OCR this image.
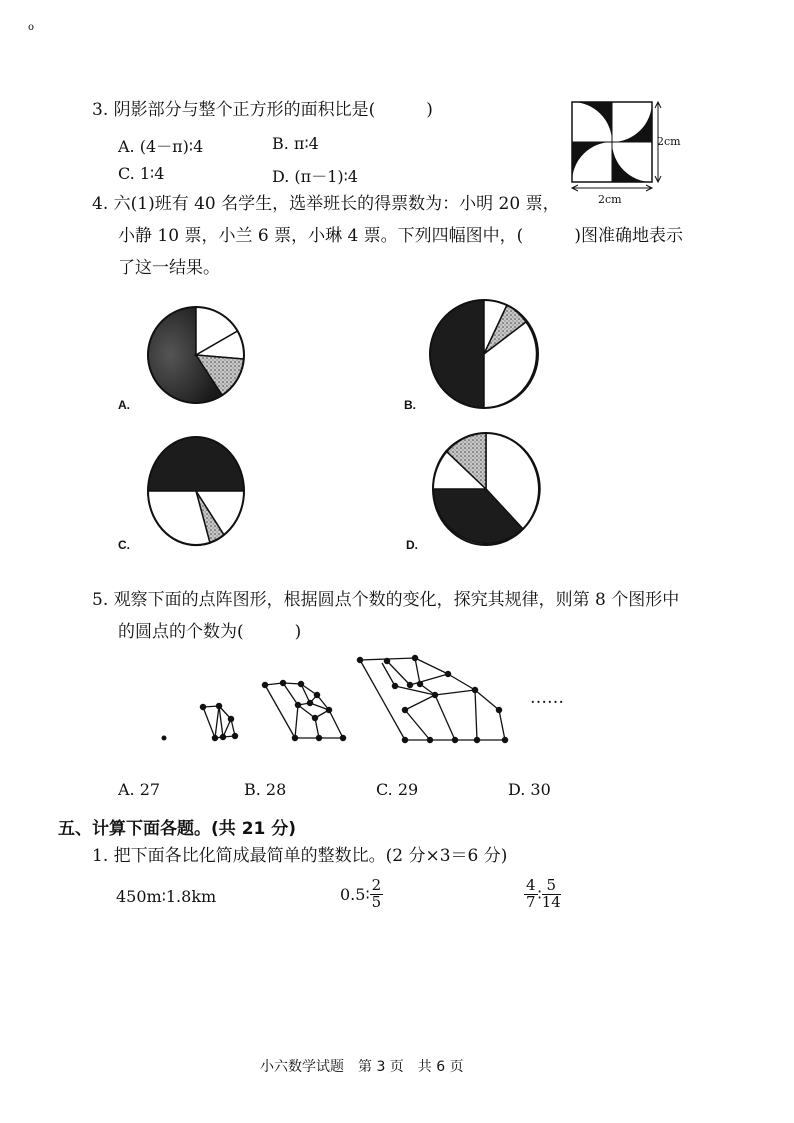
o
3. 阴影部分与整个正方形的面积比是(　　　)
A. (4－π)∶4	B. π∶4
C. 1∶4	D. (π－1)∶4
2cm
2cm
4. 六(1)班有 40 名学生，选举班长的得票数为：小明 20 票，
小静 10 票，小兰 6 票，小琳 4 票。下列四幅图中，(　　　)图准确地表示
了这一结果。
A.	B.
C.	D.
5. 观察下面的点阵图形，根据圆点个数的变化，探究其规律，则第 8 个图形中
的圆点的个数为(　　　)
……
A. 27	B. 28	C. 29	D. 30
五、计算下面各题。(共 21 分)
1. 把下面各比化简成最简单的整数比。(2 分×3＝6 分)
450m∶1.8km	0.5∶ $\frac{2}{5}$	$\frac{4}{7}$ ∶ $\frac{5}{14}$
小六数学试题　第 3 页　共 6 页
